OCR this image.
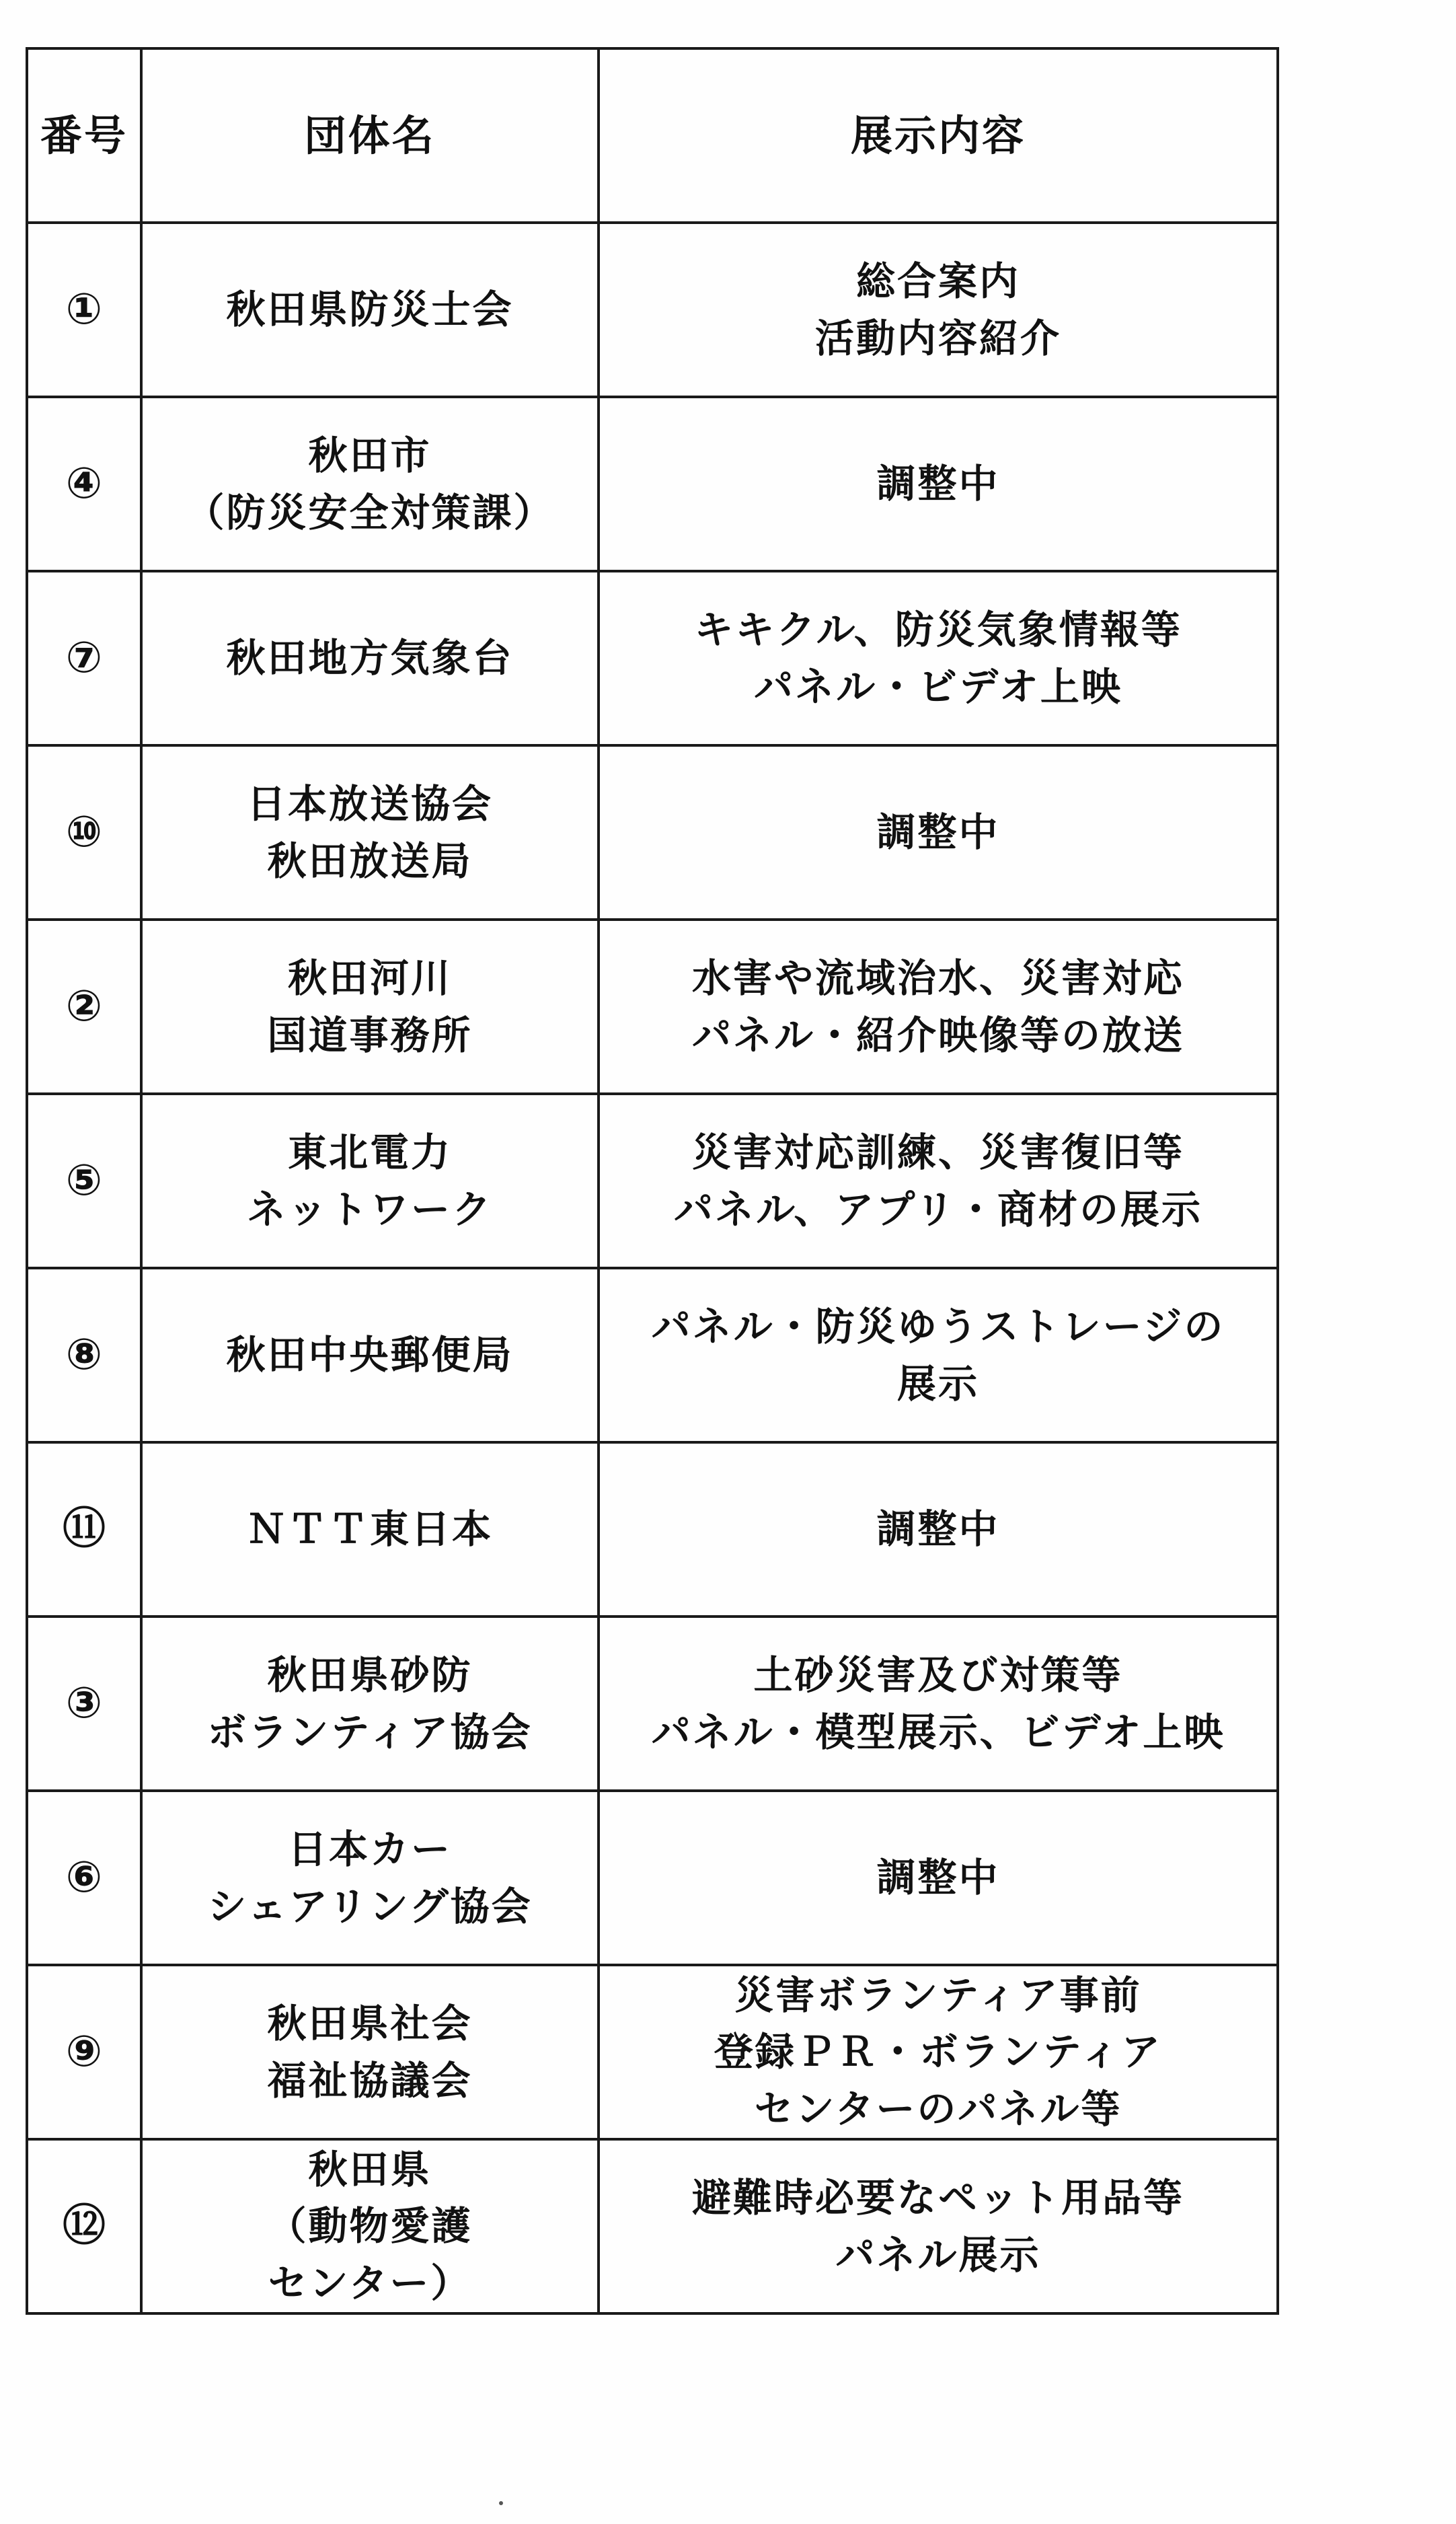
番号	団体名	展示内容
①	秋田県防災士会	総合案内
活動内容紹介

④	秋田市
（防災安全対策課）	調整中

⑦	秋田地方気象台	キキクル、防災気象情報等
パネル・ビデオ上映

⑩	日本放送協会
秋田放送局	調整中

②	秋田河川
国道事務所	水害や流域治水、災害対応
パネル・紹介映像等の放送

⑤	東北電力
ネットワーク	災害対応訓練、災害復旧等
パネル、アプリ・商材の展示

⑧	秋田中央郵便局	パネル・防災ゆうストレージの
展示

⑪	ＮＴＴ東日本	調整中

③	秋田県砂防
ボランティア協会	土砂災害及び対策等
パネル・模型展示、ビデオ上映

⑥	日本カー
シェアリング協会	調整中

⑨	秋田県社会
福祉協議会	災害ボランティア事前
登録ＰＲ・ボランティア
センターのパネル等

⑫	秋田県
（動物愛護
センター）	避難時必要なペット用品等
パネル展示
